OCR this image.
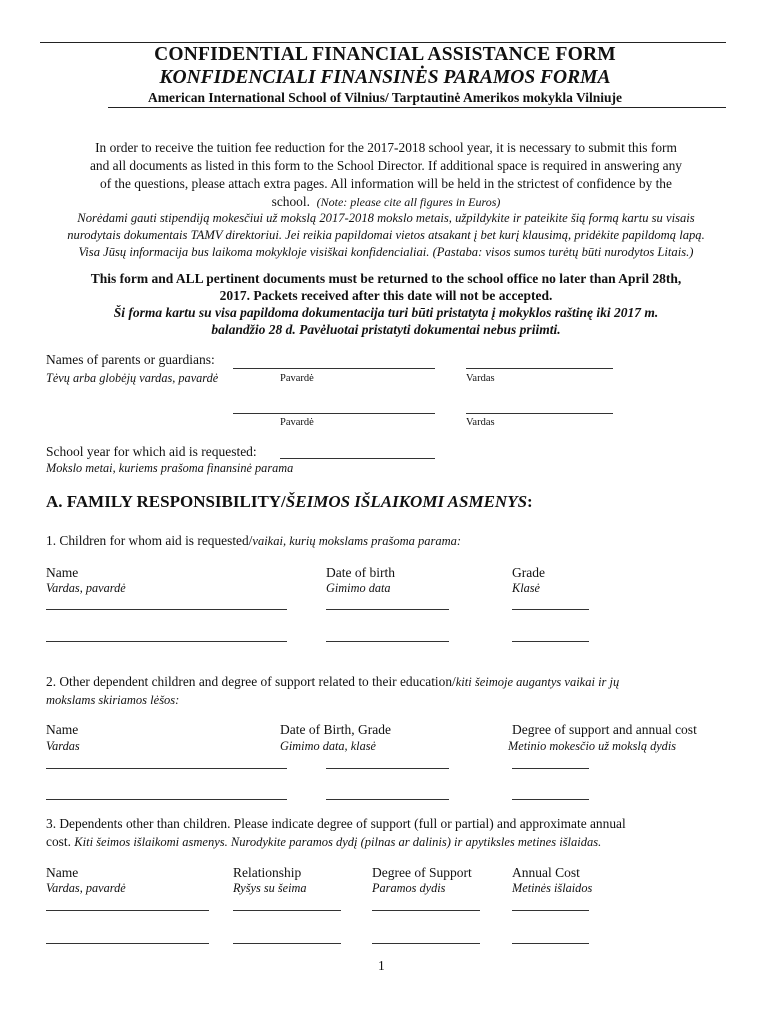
CONFIDENTIAL FINANCIAL ASSISTANCE FORM
KONFIDENCIALI FINANSINĖS PARAMOS FORMA
American International School of Vilnius/ Tarptautinė Amerikos mokykla Vilniuje
In order to receive the tuition fee reduction for the 2017-2018 school year, it is necessary to submit this form
and all documents as listed in this form to the School Director. If additional space is required in answering any
of the questions, please attach extra pages. All information will be held in the strictest of confidence by the
school. (Note: please cite all figures in Euros)
Norėdami gauti stipendiją mokesčiui už mokslą 2017-2018 mokslo metais, užpildykite ir pateikite šią formą kartu su visais
nurodytais dokumentais TAMV direktoriui. Jei reikia papildomai vietos atsakant į bet kurį klausimą, pridėkite papildomą lapą.
Visa Jūsų informacija bus laikoma mokykloje visiškai konfidencialiai. (Pastaba: visos sumos turėtų būti nurodytos Litais.)
This form and ALL pertinent documents must be returned to the school office no later than April 28th,
2017. Packets received after this date will not be accepted.
Ši forma kartu su visa papildoma dokumentacija turi būti pristatyta į mokyklos raštinę iki 2017 m.
balandžio 28 d. Pavėluotai pristatyti dokumentai nebus priimti.
Names of parents or guardians:
Tėvų arba globėjų vardas, pavardė	Pavardė	Vardas
Pavardė	Vardas
School year for which aid is requested:
Mokslo metai, kuriems prašoma finansinė parama
A. FAMILY RESPONSIBILITY/ŠEIMOS IŠLAIKOMI ASMENYS:
1. Children for whom aid is requested/vaikai, kurių mokslams prašoma parama:
Name	Date of birth	Grade
Vardas, pavardė	Gimimo data	Klasė
2. Other dependent children and degree of support related to their education/kiti šeimoje augantys vaikai ir jų
mokslams skiriamos lėšos:
Name	Date of Birth, Grade	Degree of support and annual cost
Vardas	Gimimo data, klasė	Metinio mokesčio už mokslą dydis
3. Dependents other than children. Please indicate degree of support (full or partial) and approximate annual
cost. Kiti šeimos išlaikomi asmenys. Nurodykite paramos dydį (pilnas ar dalinis) ir apytiksles metines išlaidas.
Name	Relationship	Degree of Support	Annual Cost
Vardas, pavardė	Ryšys su šeima	Paramos dydis	Metinės išlaidos
1
